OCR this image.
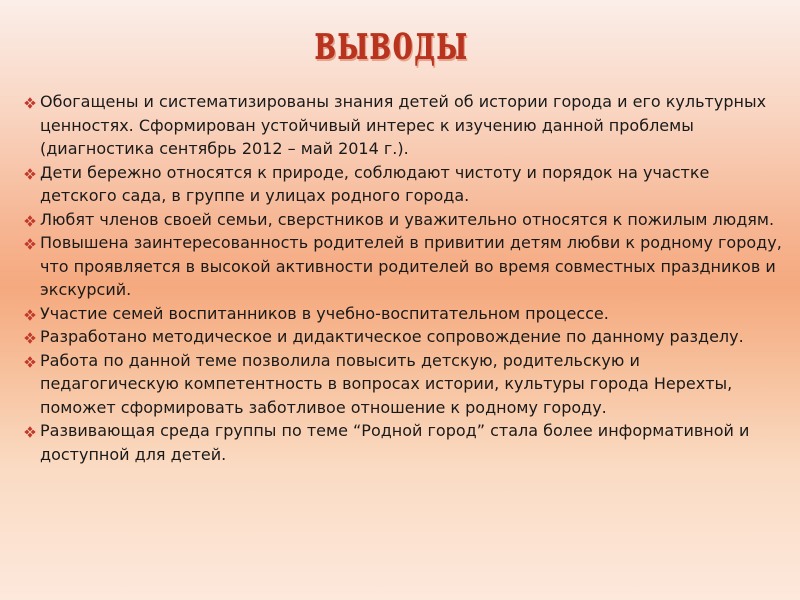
выводы
Обогащены и систематизированы знания детей об истории города и его культурных ценностях. Сформирован устойчивый интерес к изучению данной проблемы (диагностика сентябрь 2012 – май 2014 г.).
Дети бережно относятся к природе, соблюдают чистоту и порядок на участке детского сада, в группе и улицах родного города.
Любят членов своей семьи, сверстников и уважительно относятся к пожилым людям.
Повышена заинтересованность родителей в привитии детям любви к родному городу, что проявляется в высокой активности родителей во время совместных праздников и экскурсий.
Участие семей воспитанников в учебно-воспитательном процессе.
Разработано методическое и дидактическое сопровождение по данному разделу.
Работа по данной теме позволила повысить детскую, родительскую и педагогическую компетентность в вопросах истории, культуры города Нерехты, поможет сформировать заботливое отношение к родному городу.
Развивающая среда группы по теме “Родной город” стала более информативной и доступной для детей.
